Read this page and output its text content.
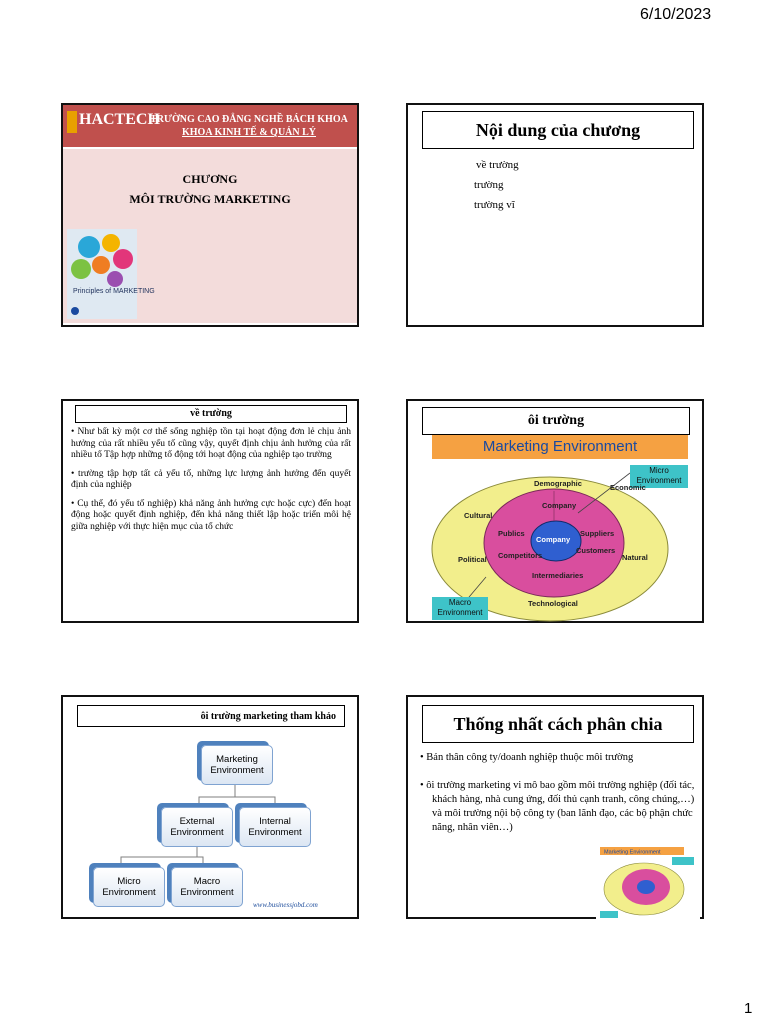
6/10/2023
HACTECH
TRƯỜNG CAO ĐẲNG NGHỀ BÁCH KHOA
KHOA KINH TẾ & QUẢN LÝ
CHƯƠNG
MÔI TRƯỜNG MARKETING
Principles of MARKETING
Nội dung của chương
về trường
trường
trường vĩ
về trường

• Như bất kỳ một cơ thể sống nghiệp tồn tại hoạt động đơn lẻ chịu ảnh hưởng của rất nhiều yếu tố cũng vậy, quyết định chịu ảnh hưởng của rất nhiều tố Tập hợp những tố động tới hoạt động của nghiệp tạo trường

• trường tập hợp tất cả yếu tố, những lực lượng ảnh hưởng đến quyết định của nghiệp

• Cụ thể, đó yếu tố nghiệp) khả năng ảnh hưởng cực hoặc cực) đến hoạt động hoặc quyết định nghiệp, đến khả năng thiết lập hoặc triển môi hệ giữa nghiệp với thực hiện mục của tổ chức

ôi trường
Marketing Environment
Micro Environment
Macro Environment
Demographic	Economic
Natural
Technological
Political
Cultural
Company
Publics	Suppliers
Customers
Competitors
Intermediaries
Company
ôi trường marketing tham khảo
Marketing Environment
External Environment
Internal Environment
Micro Environment
Macro Environment
www.businessjobd.com
Thống nhất cách phân chia

• Bản thân công ty/doanh nghiệp thuộc môi trường

• ôi trường marketing vi mô bao gồm môi trường nghiệp (đối tác, khách hàng, nhà cung ứng, đối thủ cạnh tranh, công chúng,…) và môi trường nội bộ công ty (ban lãnh đạo, các bộ phận chức năng, nhân viên…)

Marketing Environment
1
